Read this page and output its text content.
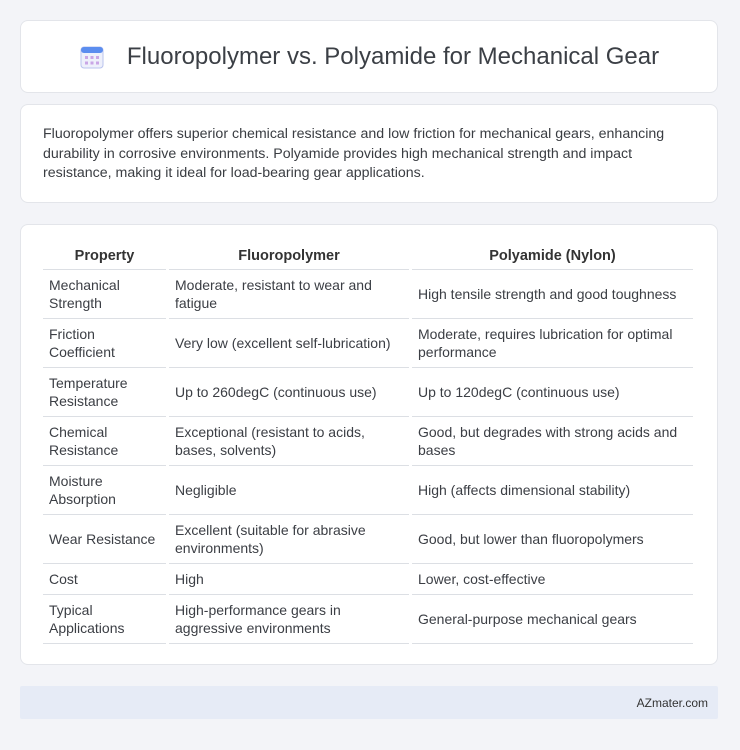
Fluoropolymer vs. Polyamide for Mechanical Gear

Fluoropolymer offers superior chemical resistance and low friction for mechanical gears, enhancing durability in corrosive environments. Polyamide provides high mechanical strength and impact resistance, making it ideal for load-bearing gear applications.

Property	Fluoropolymer	Polyamide (Nylon)
Mechanical Strength	Moderate, resistant to wear and fatigue	High tensile strength and good toughness
Friction Coefficient	Very low (excellent self-lubrication)	Moderate, requires lubrication for optimal performance
Temperature Resistance	Up to 260degC (continuous use)	Up to 120degC (continuous use)
Chemical Resistance	Exceptional (resistant to acids, bases, solvents)	Good, but degrades with strong acids and bases
Moisture Absorption	Negligible	High (affects dimensional stability)
Wear Resistance	Excellent (suitable for abrasive environments)	Good, but lower than fluoropolymers
Cost	High	Lower, cost-effective
Typical Applications	High-performance gears in aggressive environments	General-purpose mechanical gears
AZmater.com
